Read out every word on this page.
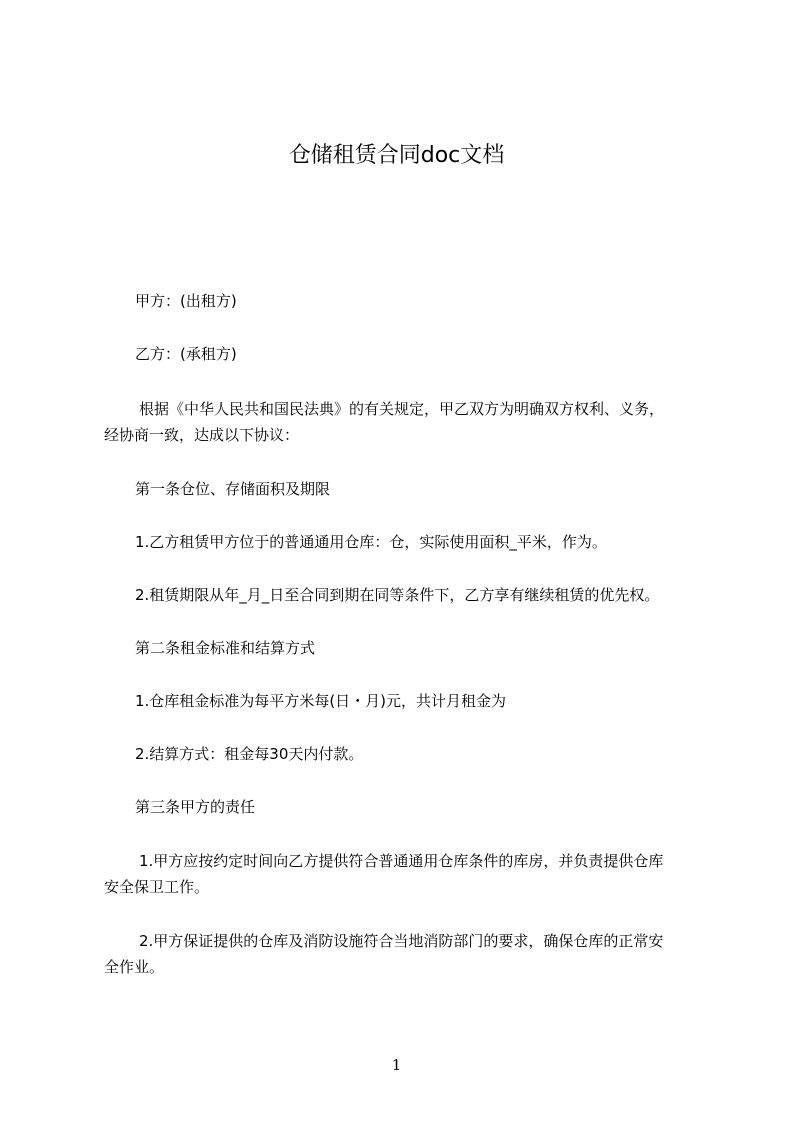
仓储租赁合同doc文档
甲方：(出租方)
乙方：(承租方)
根据《中华人民共和国民法典》的有关规定，甲乙双方为明确双方权利、义务，
经协商一致，达成以下协议：
第一条仓位、存储面积及期限
1.乙方租赁甲方位于的普通通用仓库：仓，实际使用面积_平米，作为。
2.租赁期限从年_月_日至合同到期在同等条件下，乙方享有继续租赁的优先权。
第二条租金标准和结算方式
1.仓库租金标准为每平方米每(日・月)元，共计月租金为
2.结算方式：租金每30天内付款。
第三条甲方的责任
1.甲方应按约定时间向乙方提供符合普通通用仓库条件的库房，并负责提供仓库
安全保卫工作。
2.甲方保证提供的仓库及消防设施符合当地消防部门的要求，确保仓库的正常安
全作业。
1
